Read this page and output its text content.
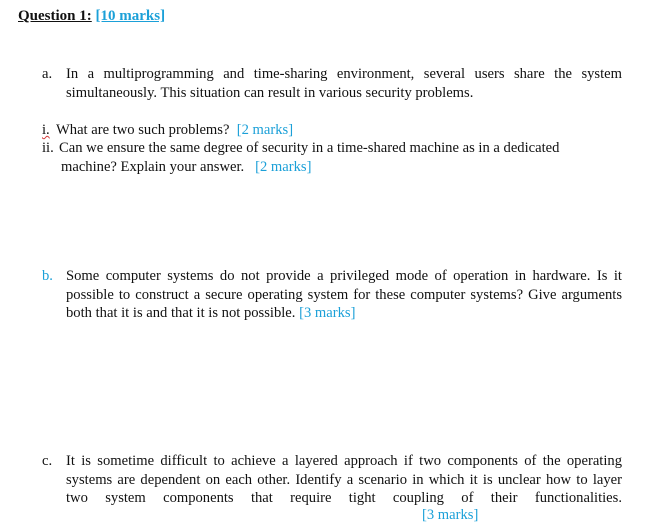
Question 1: [10 marks]
a. In a multiprogramming and time-sharing environment, several users share the system simultaneously. This situation can result in various security problems.
i. What are two such problems? [2 marks]
ii. Can we ensure the same degree of security in a time-shared machine as in a dedicated
machine? Explain your answer. [2 marks]
b. Some computer systems do not provide a privileged mode of operation in hardware. Is it possible to construct a secure operating system for these computer systems? Give arguments both that it is and that it is not possible. [3 marks]
c. It is sometime difficult to achieve a layered approach if two components of the operating systems are dependent on each other. Identify a scenario in which it is unclear how to layer two system components that require tight coupling of their functionalities.
[3 marks]
